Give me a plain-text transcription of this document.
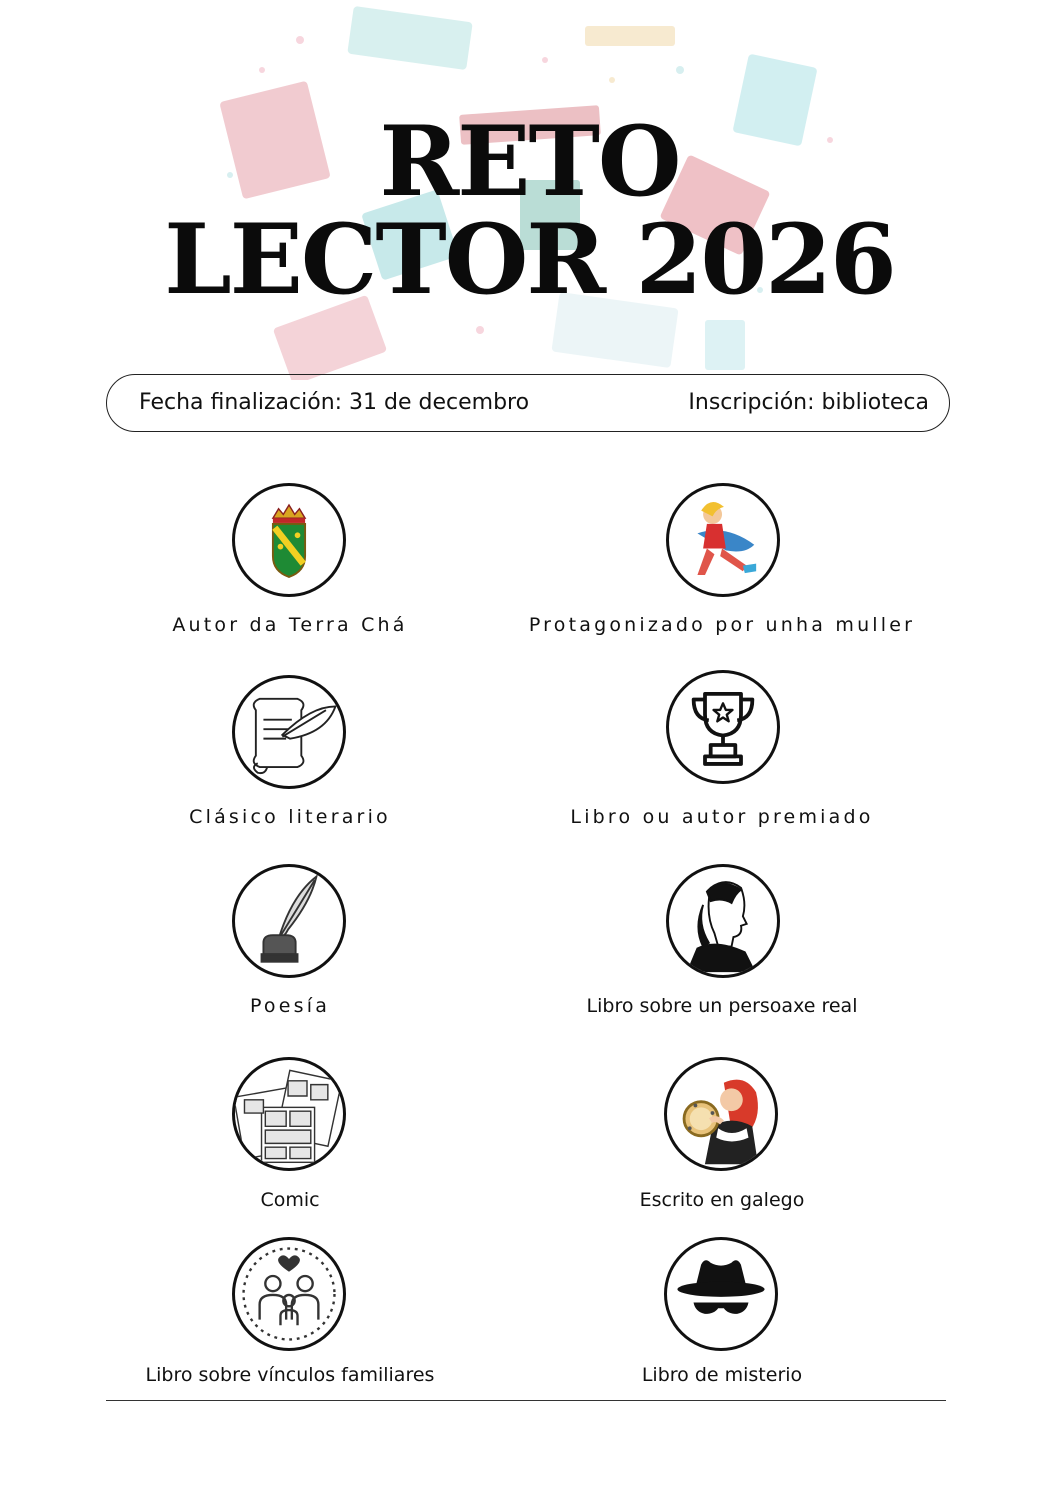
RETO
LECTOR 2026
Fecha finalización: 31 de decembro	Inscripción: biblioteca
Autor da Terra Chá	Protagonizado por unha muller
Clásico literario	Libro ou autor premiado
Poesía	Libro sobre un persoaxe real
Comic	Escrito en galego
Libro sobre vínculos familiares	Libro de misterio
